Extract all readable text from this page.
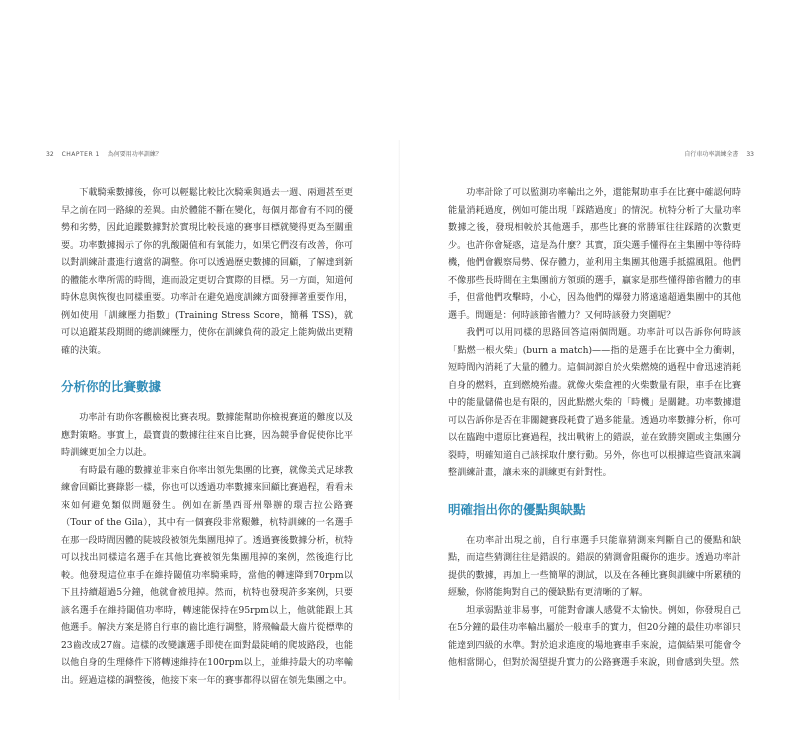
32 CHAPTER 1 為何要用功率訓練？

下載騎乘數據後，你可以輕鬆比較比次騎乘與過去一週、兩週甚至更早之前在同一路線的差異。由於體能不斷在變化，每個月都會有不同的優勢和劣勢，因此追蹤數據對於實現比較長遠的賽事目標就變得更為至關重要。功率數據揭示了你的乳酸閾值和有氧能力，如果它們沒有改善，你可以對訓練計畫進行適當的調整。你可以透過歷史數據的回顧，了解達到新的體能水準所需的時間，進而設定更切合實際的目標。另一方面，知道何時休息與恢復也同樣重要。功率計在避免過度訓練方面發揮著重要作用，例如使用「訓練壓力指數」(Training Stress Score，簡稱 TSS)，就可以追蹤某段期間的總訓練壓力，使你在訓練負荷的設定上能夠做出更精確的決策。

分析你的比賽數據

功率計有助你客觀檢視比賽表現。數據能幫助你檢視賽道的難度以及應對策略。事實上，最寶貴的數據往往來自比賽，因為競爭會促使你比平時訓練更加全力以赴。

有時最有趣的數據並非來自你率出領先集團的比賽，就像美式足球教練會回顧比賽錄影一樣，你也可以透過功率數據來回顧比賽過程，看看未來如何避免類似問題發生。例如在新墨西哥州舉辦的環吉拉公路賽（Tour of the Gila），其中有一個賽段非常艱難，杭特訓練的一名選手在那一段時間因體的陡坡段被領先集團甩掉了。透過賽後數據分析，杭特可以找出同樣這名選手在其他比賽被領先集團甩掉的案例，然後進行比較。他發現這位車手在維持閾值功率騎乘時，當他的轉速降到70rpm以下且持續超過5分鐘，他就會被甩掉。然而，杭特也發現許多案例，只要該名選手在維持閾值功率時，轉速能保持在95rpm以上，他就能跟上其他選手。解決方案是將自行車的齒比進行調整，將飛輪最大齒片從標準的23齒改成27齒。這樣的改變讓選手即使在面對最陡峭的爬坡路段，也能以他自身的生理條件下將轉速維持在100rpm以上，並維持最大的功率輸出。經過這樣的調整後，他接下來一年的賽事都得以留在領先集團之中。

自行車功率訓練全書 33

功率計除了可以監測功率輸出之外，還能幫助車手在比賽中確認何時能量消耗過度，例如可能出現「踩踏過度」的情況。杭特分析了大量功率數據之後，發現相較於其他選手，那些比賽的常勝軍往往踩踏的次數更少。也許你會疑惑，這是為什麼？其實，頂尖選手懂得在主集團中等待時機，他們會觀察局勢、保存體力，並利用主集團其他選手抵擋風阻。他們不像那些長時間在主集團前方領頭的選手，贏家是那些懂得節省體力的車手，但當他們攻擊時，小心，因為他們的爆發力將遠遠超過集團中的其他選手。問題是：何時該節省體力？又何時該發力突圍呢？

我們可以用同樣的思路回答這兩個問題。功率計可以告訴你何時該「點燃一根火柴」(burn a match)——指的是選手在比賽中全力衝刺，短時間內消耗了大量的體力。這個詞源自於火柴燃燒的過程中會迅速消耗自身的燃料，直到燃燒殆盡。就像火柴盒裡的火柴數量有限，車手在比賽中的能量儲備也是有限的，因此點燃火柴的「時機」是關鍵。功率數據還可以告訴你是否在非關鍵賽段耗費了過多能量。透過功率數據分析，你可以在臨跑中還原比賽過程，找出戰術上的錯誤，並在致勝突圍或主集團分裂時，明確知道自己該採取什麼行動。另外，你也可以根據這些資訊來調整訓練計畫，讓未來的訓練更有針對性。

明確指出你的優點與缺點

在功率計出現之前，自行車選手只能靠猜測來判斷自己的優點和缺點，而這些猜測往往是錯誤的。錯誤的猜測會阻礙你的進步。透過功率計提供的數據，再加上一些簡單的測試，以及在各種比賽與訓練中所累積的經驗，你將能夠對自己的優缺點有更清晰的了解。

坦承弱點並非易事，可能對會讓人感覺不太愉快。例如，你發現自己在5分鐘的最佳功率輸出屬於一般車手的實力，但20分鐘的最佳功率卻只能達到四級的水準。對於追求進度的場地賽車手來說，這個結果可能會令他相當開心，但對於渴望提升實力的公路賽選手來說，則會感到失望。然
